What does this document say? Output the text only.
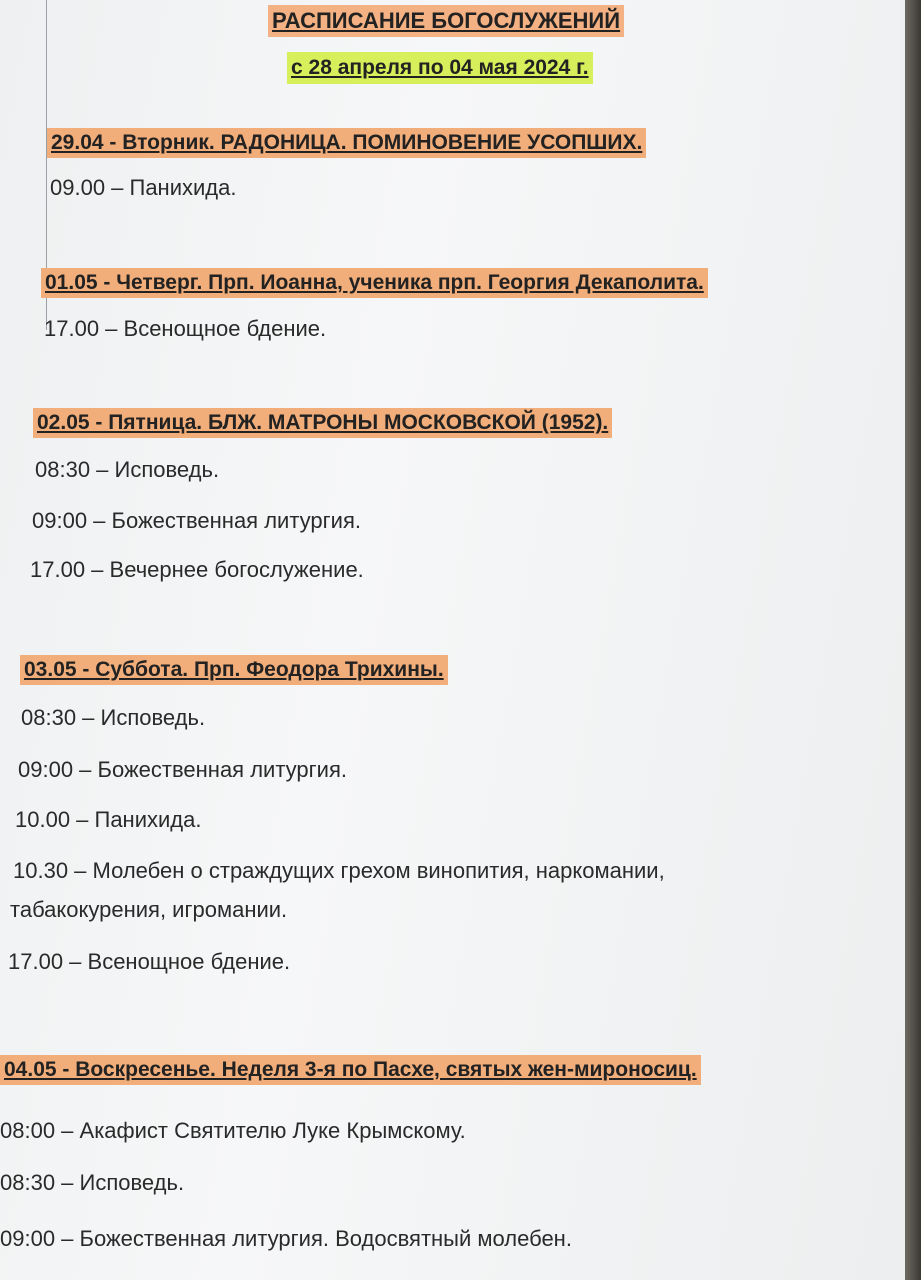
РАСПИСАНИЕ БОГОСЛУЖЕНИЙ
с 28 апреля по 04 мая 2024 г.
29.04 - Вторник. РАДОНИЦА. ПОМИНОВЕНИЕ УСОПШИХ.
09.00 – Панихида.
01.05 - Четверг. Прп. Иоанна, ученика прп. Георгия Декаполита.
17.00 – Всенощное бдение.
02.05 - Пятница. БЛЖ. МАТРОНЫ МОСКОВСКОЙ (1952).
08:30 – Исповедь.
09:00 – Божественная литургия.
17.00 – Вечернее богослужение.
03.05 - Суббота. Прп. Феодора Трихины.
08:30 – Исповедь.
09:00 – Божественная литургия.
10.00 – Панихида.
10.30 – Молебен о страждущих грехом винопития, наркомании,
табакокурения, игромании.
17.00 – Всенощное бдение.
04.05 - Воскресенье. Неделя 3-я по Пасхе, святых жен-мироносиц.
08:00 – Акафист Святителю Луке Крымскому.
08:30 – Исповедь.
09:00 – Божественная литургия. Водосвятный молебен.
